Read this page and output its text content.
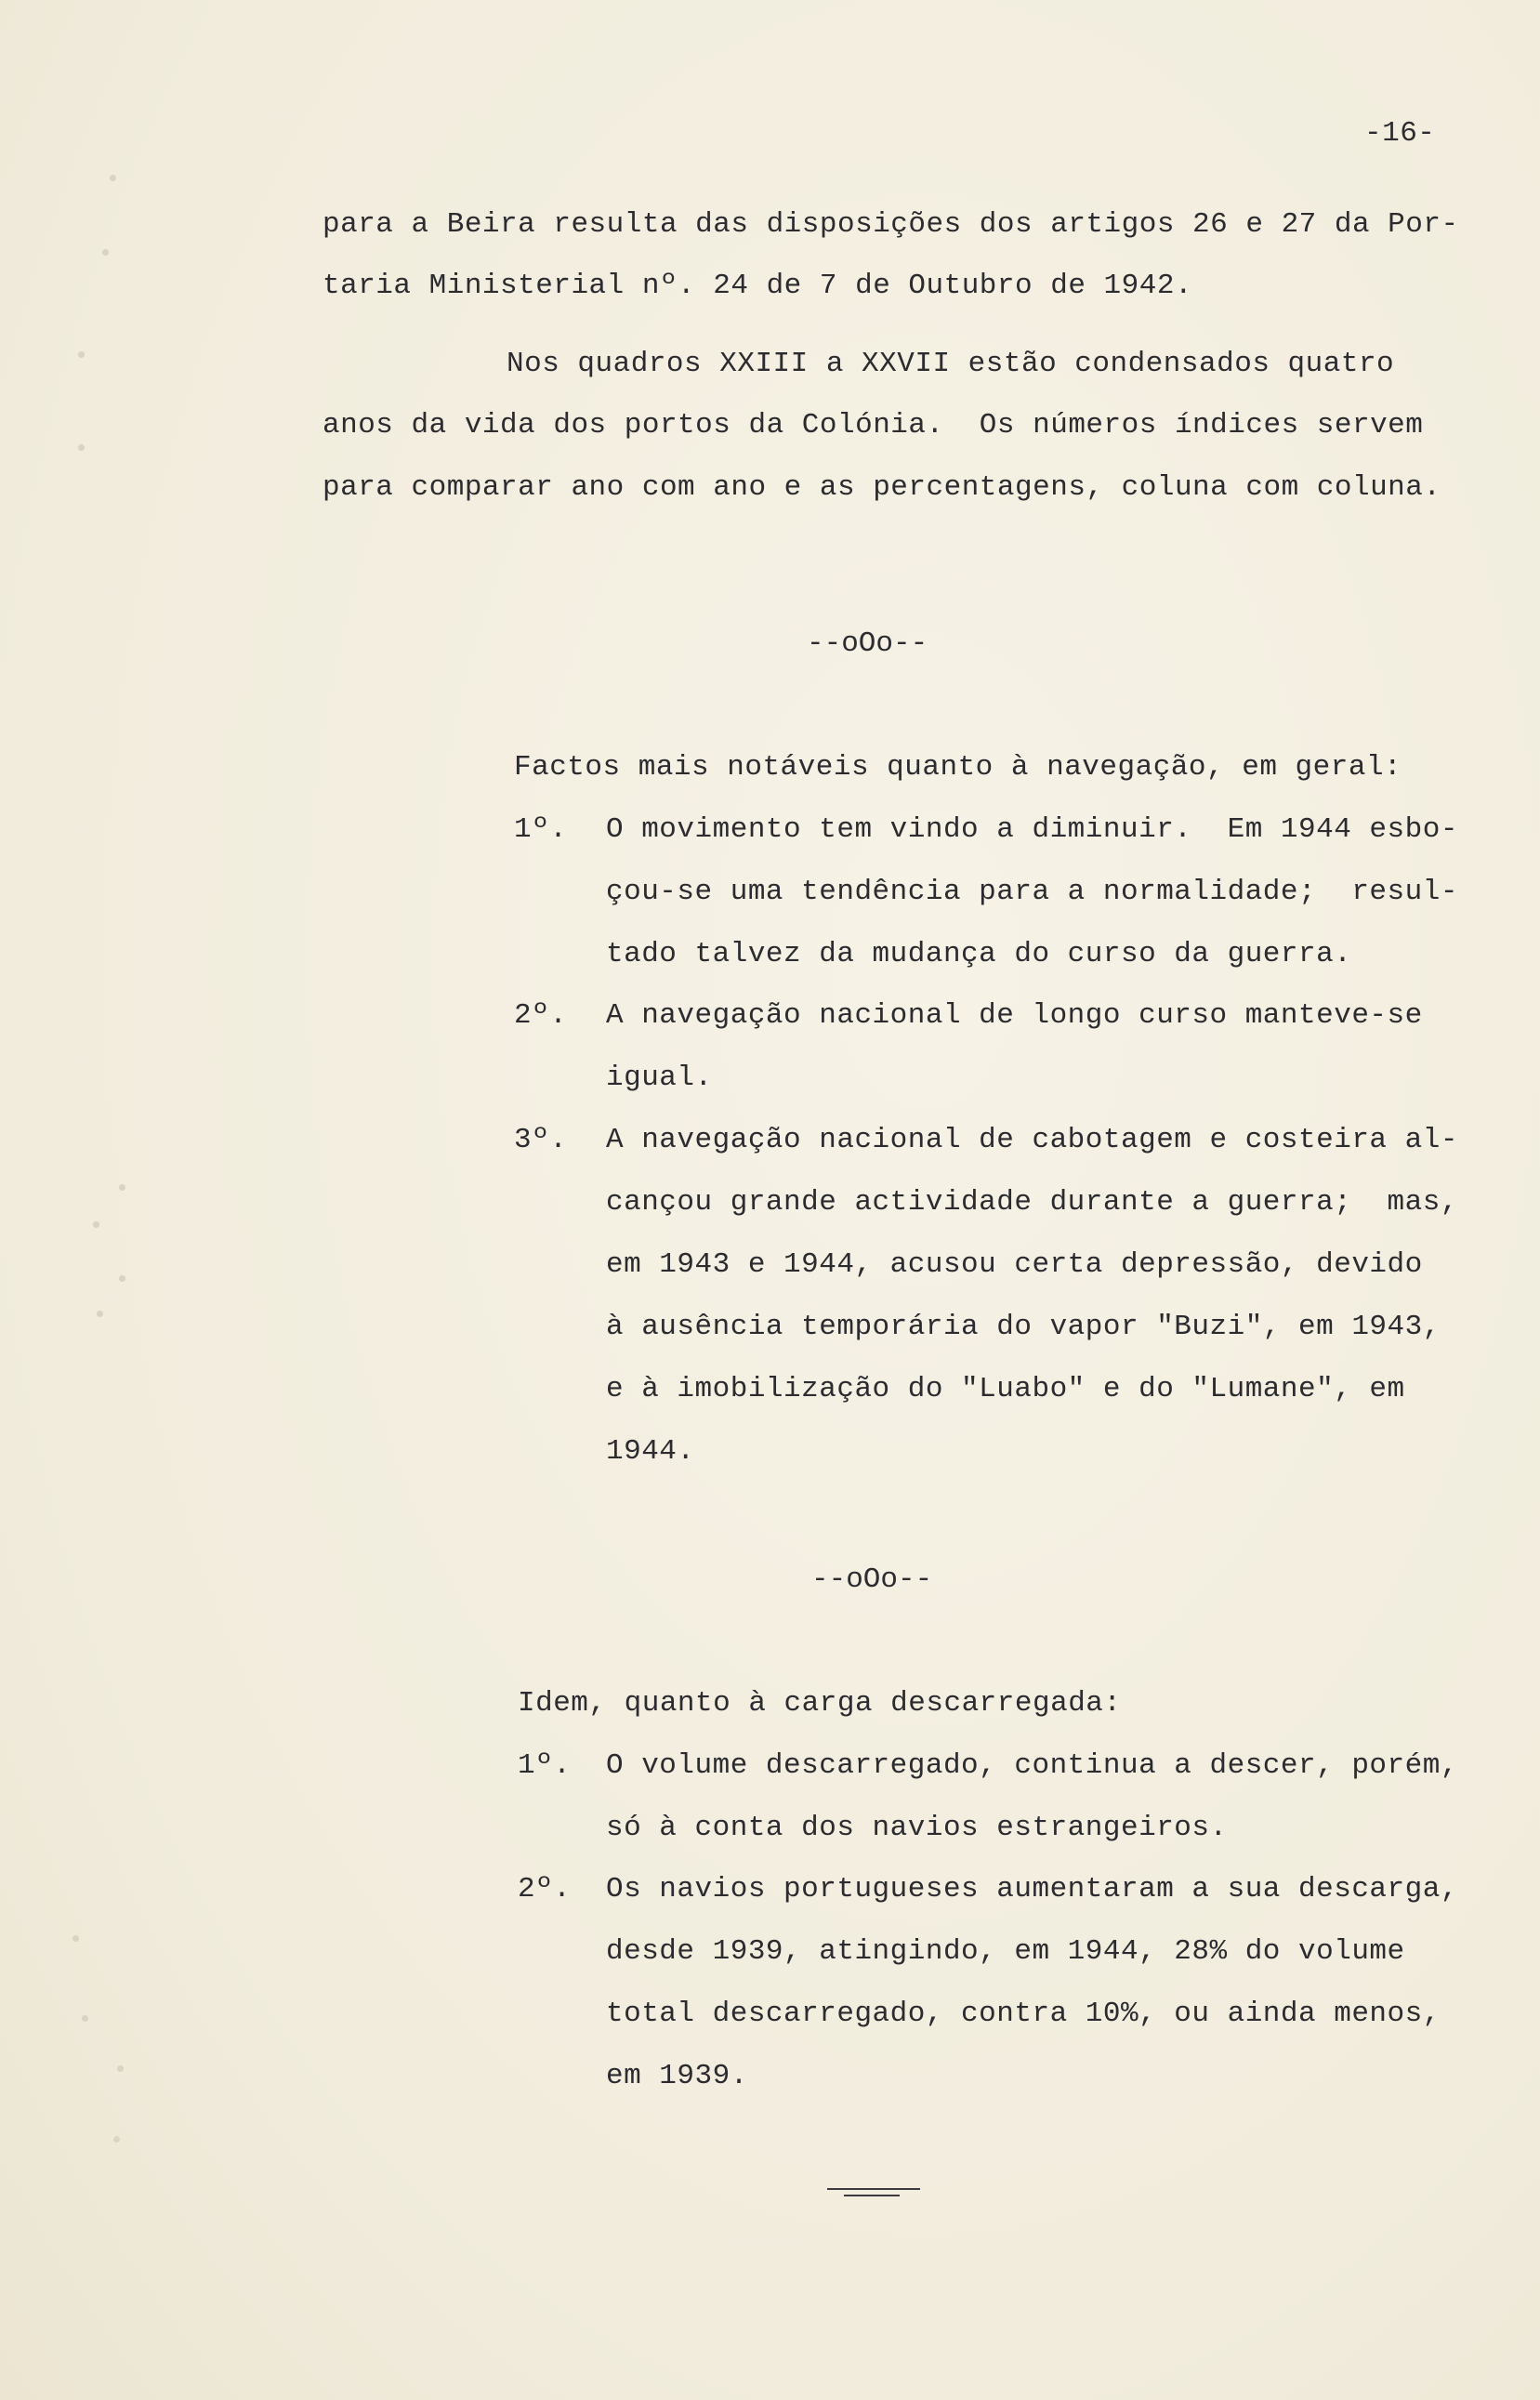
-16-
para a Beira resulta das disposições dos artigos 26 e 27 da Por-
taria Ministerial nº. 24 de 7 de Outubro de 1942.
Nos quadros XXIII a XXVII estão condensados quatro
anos da vida dos portos da Colónia.  Os números índices servem
para comparar ano com ano e as percentagens, coluna com coluna.
--oOo--
Factos mais notáveis quanto à navegação, em geral:
1º. O movimento tem vindo a diminuir.  Em 1944 esbo-
çou-se uma tendência para a normalidade;  resul-
tado talvez da mudança do curso da guerra.
2º. A navegação nacional de longo curso manteve-se
igual.
3º. A navegação nacional de cabotagem e costeira al-
cançou grande actividade durante a guerra;  mas,
em 1943 e 1944, acusou certa depressão, devido
à ausência temporária do vapor "Buzi", em 1943,
e à imobilização do "Luabo" e do "Lumane", em
1944.
--oOo--
Idem, quanto à carga descarregada:
1º. O volume descarregado, continua a descer, porém,
só à conta dos navios estrangeiros.
2º. Os navios portugueses aumentaram a sua descarga,
desde 1939, atingindo, em 1944, 28% do volume
total descarregado, contra 10%, ou ainda menos,
em 1939.
